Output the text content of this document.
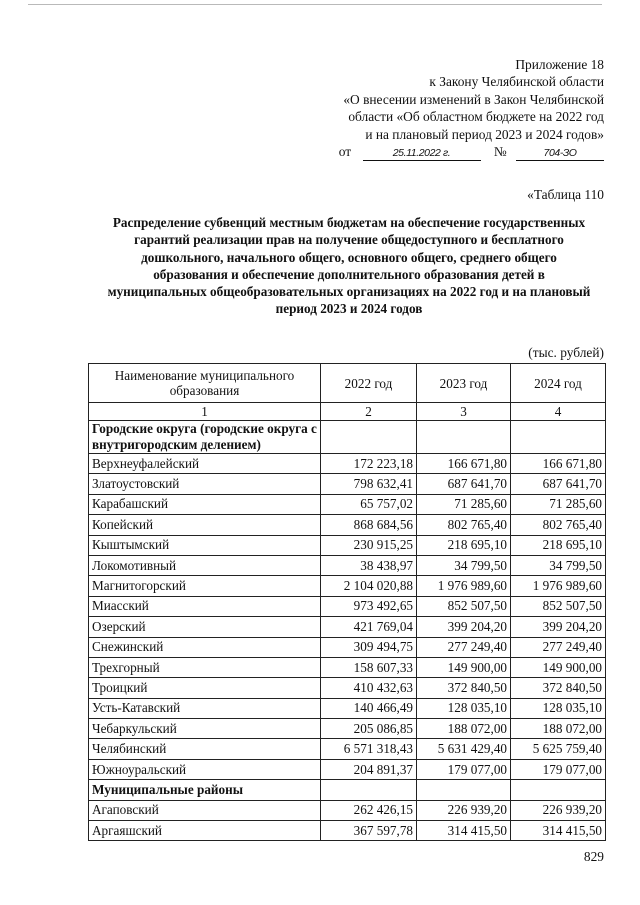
Приложение 18
к Закону Челябинской области
«О внесении изменений в Закон Челябинской
области «Об областном бюджете на 2022 год
и на плановый период 2023 и 2024 годов»
от	25.11.2022 г.	№	704-ЗО
«Таблица 110
Распределение субвенций местным бюджетам на обеспечение государственных
гарантий реализации прав на получение общедоступного и бесплатного
дошкольного, начального общего, основного общего, среднего общего
образования и обеспечение дополнительного образования детей в
муниципальных общеобразовательных организациях на 2022 год и на плановый
период 2023 и 2024 годов
(тыс. рублей)
Наименование муниципального образования	2022 год	2023 год	2024 год
1	2	3	4
Городские округа (городские округа с внутригородским делением)			
Верхнеуфалейский	172 223,18	166 671,80	166 671,80
Златоустовский	798 632,41	687 641,70	687 641,70
Карабашский	65 757,02	71 285,60	71 285,60
Копейский	868 684,56	802 765,40	802 765,40
Кыштымский	230 915,25	218 695,10	218 695,10
Локомотивный	38 438,97	34 799,50	34 799,50
Магнитогорский	2 104 020,88	1 976 989,60	1 976 989,60
Миасский	973 492,65	852 507,50	852 507,50
Озерский	421 769,04	399 204,20	399 204,20
Снежинский	309 494,75	277 249,40	277 249,40
Трехгорный	158 607,33	149 900,00	149 900,00
Троицкий	410 432,63	372 840,50	372 840,50
Усть-Катавский	140 466,49	128 035,10	128 035,10
Чебаркульский	205 086,85	188 072,00	188 072,00
Челябинский	6 571 318,43	5 631 429,40	5 625 759,40
Южноуральский	204 891,37	179 077,00	179 077,00
Муниципальные районы			
Агаповский	262 426,15	226 939,20	226 939,20
Аргаяшский	367 597,78	314 415,50	314 415,50
829
